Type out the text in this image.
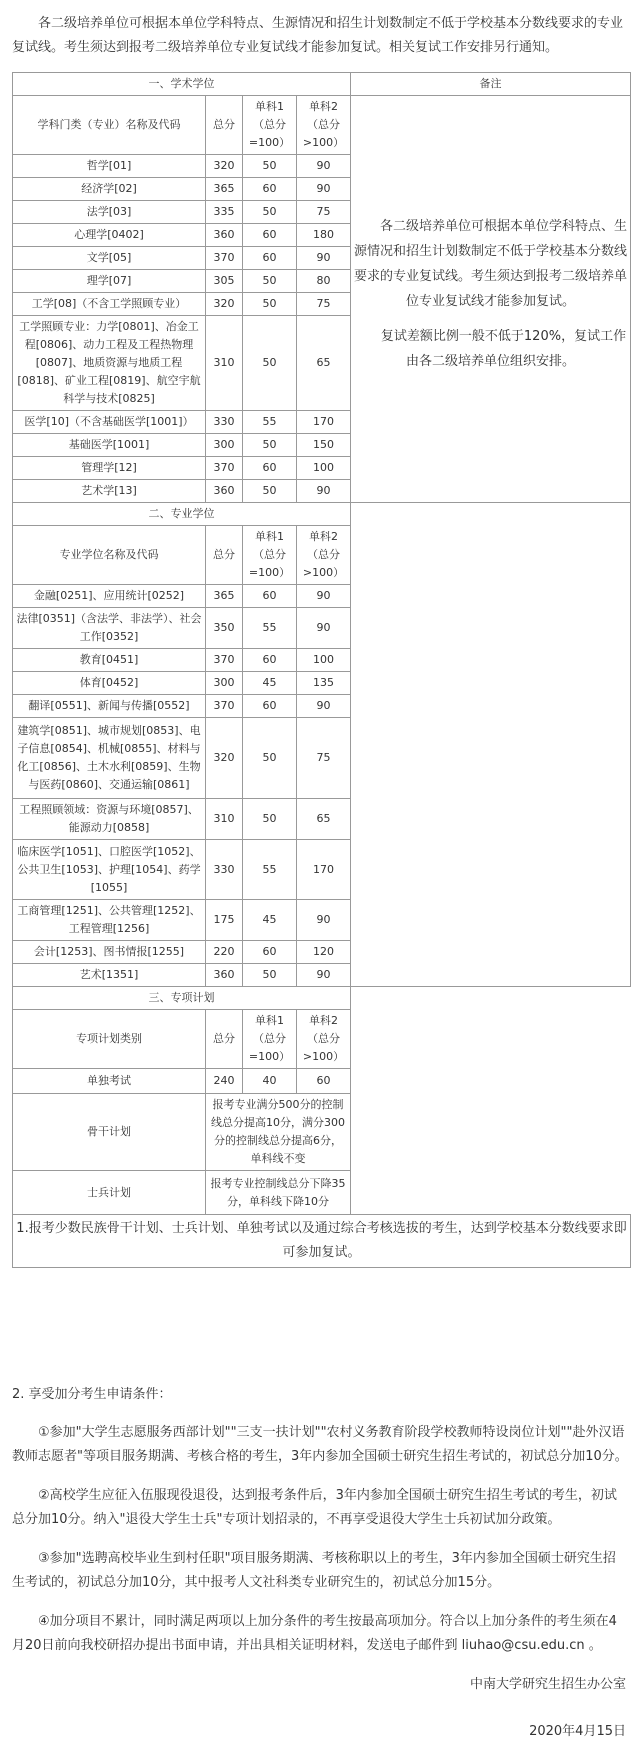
各二级培养单位可根据本单位学科特点、生源情况和招生计划数制定不低于学校基本分数线要求的专业复试线。考生须达到报考二级培养单位专业复试线才能参加复试。相关复试工作安排另行通知。

一、学术学位				备注
学科门类（专业）名称及代码	总分	单科1（总分=100）	单科2（总分>100）	各二级培养单位可根据本单位学科特点、生源情况和招生计划数制定不低于学校基本分数线要求的专业复试线。考生须达到报考二级培养单位专业复试线才能参加复试。

复试差额比例一般不低于120%，复试工作由各二级培养单位组织安排。

哲学[01]	320	50	90	
经济学[02]	365	60	90	
法学[03]	335	50	75	
心理学[0402]	360	60	180	
文学[05]	370	60	90	
理学[07]	305	50	80	
工学[08]（不含工学照顾专业）	320	50	75	
工学照顾专业：力学[0801]、冶金工程[0806]、动力工程及工程热物理[0807]、地质资源与地质工程[0818]、矿业工程[0819]、航空宇航科学与技术[0825]	310	50	65	
医学[10]（不含基础医学[1001]）	330	55	170	
基础医学[1001]	300	50	150	
管理学[12]	370	60	100	
艺术学[13]	360	50	90	
二、专业学位				
专业学位名称及代码	总分	单科1（总分=100）	单科2（总分>100）	
金融[0251]、应用统计[0252]	365	60	90	
法律[0351]（含法学、非法学）、社会工作[0352]	350	55	90	
教育[0451]	370	60	100	
体育[0452]	300	45	135	
翻译[0551]、新闻与传播[0552]	370	60	90	
建筑学[0851]、城市规划[0853]、电子信息[0854]、机械[0855]、材料与化工[0856]、土木水利[0859]、生物与医药[0860]、交通运输[0861]	320	50	75	
工程照顾领域：资源与环境[0857]、能源动力[0858]	310	50	65	
临床医学[1051]、口腔医学[1052]、公共卫生[1053]、护理[1054]、药学[1055]	330	55	170	
工商管理[1251]、公共管理[1252]、工程管理[1256]	175	45	90	
会计[1253]、图书情报[1255]	220	60	120	
艺术[1351]	360	50	90	
三、专项计划				
专项计划类别	总分	单科1（总分=100）	单科2（总分>100）	
单独考试	240	40	60	
骨干计划	报考专业满分500分的控制线总分提高10分，满分300分的控制线总分提高6分，单科线不变			
士兵计划	报考专业控制线总分下降35分，单科线下降10分			
1.报考少数民族骨干计划、士兵计划、单独考试以及通过综合考核选拔的考生，达到学校基本分数线要求即可参加复试。				

2. 享受加分考生申请条件：

①参加"大学生志愿服务西部计划""三支一扶计划""农村义务教育阶段学校教师特设岗位计划""赴外汉语教师志愿者"等项目服务期满、考核合格的考生，3年内参加全国硕士研究生招生考试的，初试总分加10分。

②高校学生应征入伍服现役退役，达到报考条件后，3年内参加全国硕士研究生招生考试的考生，初试总分加10分。纳入"退役大学生士兵"专项计划招录的，不再享受退役大学生士兵初试加分政策。

③参加"选聘高校毕业生到村任职"项目服务期满、考核称职以上的考生，3年内参加全国硕士研究生招生考试的，初试总分加10分，其中报考人文社科类专业研究生的，初试总分加15分。

④加分项目不累计，同时满足两项以上加分条件的考生按最高项加分。符合以上加分条件的考生须在4月20日前向我校研招办提出书面申请，并出具相关证明材料，发送电子邮件到 liuhao@csu.edu.cn 。

中南大学研究生招生办公室
2020年4月15日
